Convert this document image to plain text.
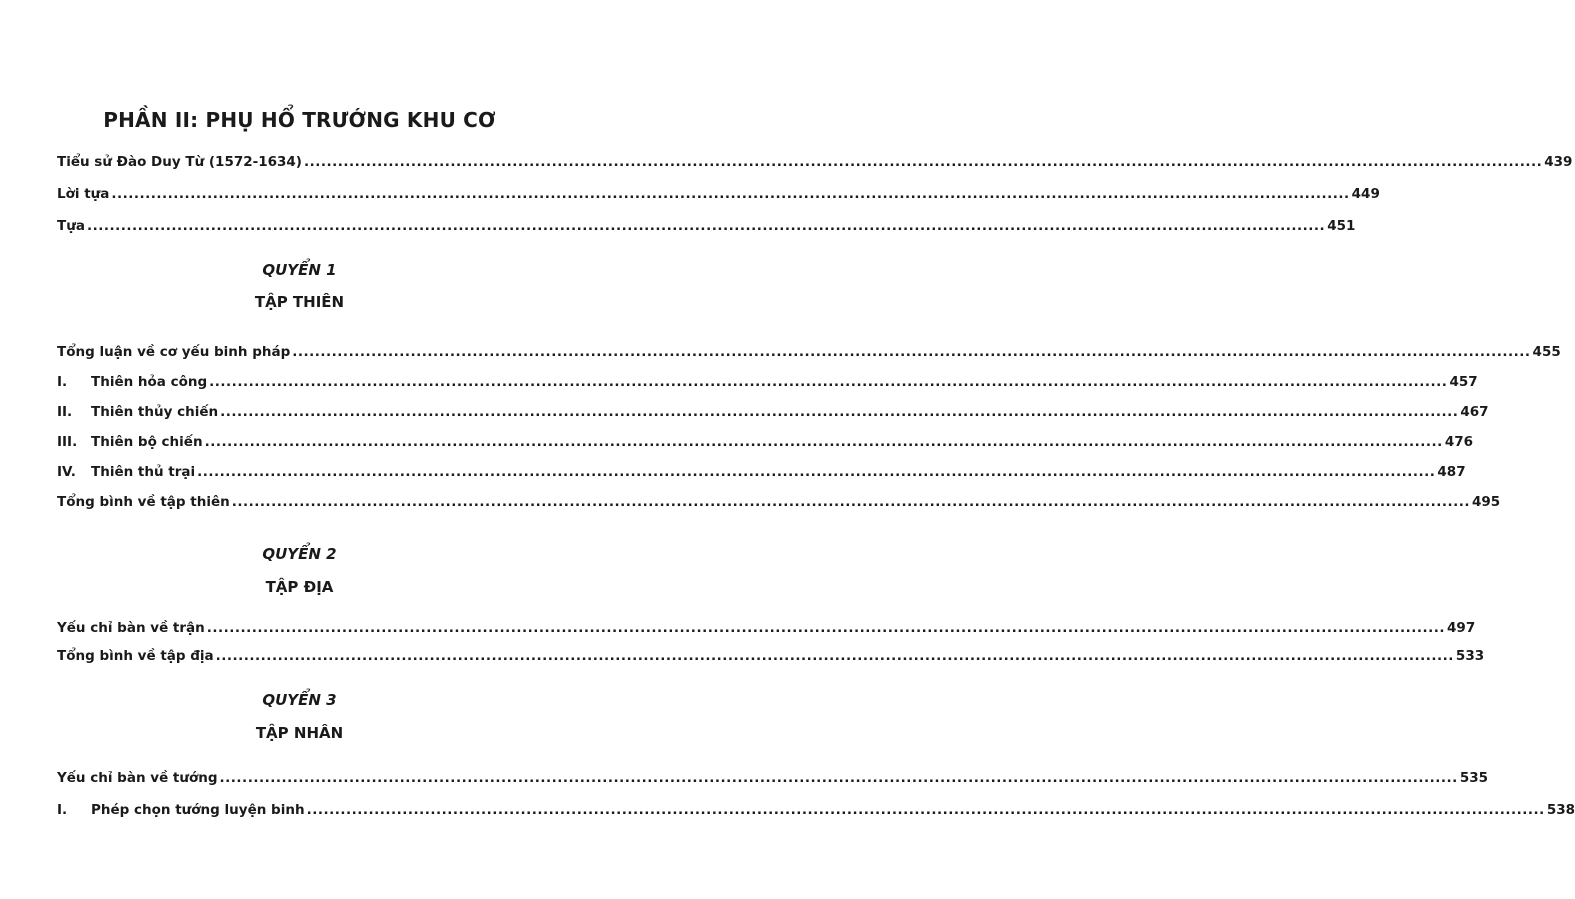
PHẦN II: PHỤ HỔ TRƯỚNG KHU CƠ
Tiểu sử Đào Duy Từ (1572-1634) ............................................................................................................................................................................................................................ 439
Lời tựa ............................................................................................................................................................................................................................ 449
Tựa ............................................................................................................................................................................................................................ 451
QUYỂN 1
TẬP THIÊN
Tổng luận về cơ yếu binh pháp ............................................................................................................................................................................................................................ 455
I.	Thiên hỏa công ............................................................................................................................................................................................................................ 457
II.	Thiên thủy chiến ............................................................................................................................................................................................................................ 467
III.	Thiên bộ chiến ............................................................................................................................................................................................................................ 476
IV.	Thiên thủ trại ............................................................................................................................................................................................................................ 487
Tổng bình về tập thiên ............................................................................................................................................................................................................................ 495
QUYỂN 2
TẬP ĐỊA
Yếu chỉ bàn về trận ............................................................................................................................................................................................................................ 497
Tổng bình về tập địa ............................................................................................................................................................................................................................ 533
QUYỂN 3
TẬP NHÂN
Yếu chỉ bàn về tướng ............................................................................................................................................................................................................................ 535
I.	Phép chọn tướng luyện binh ............................................................................................................................................................................................................................ 538
